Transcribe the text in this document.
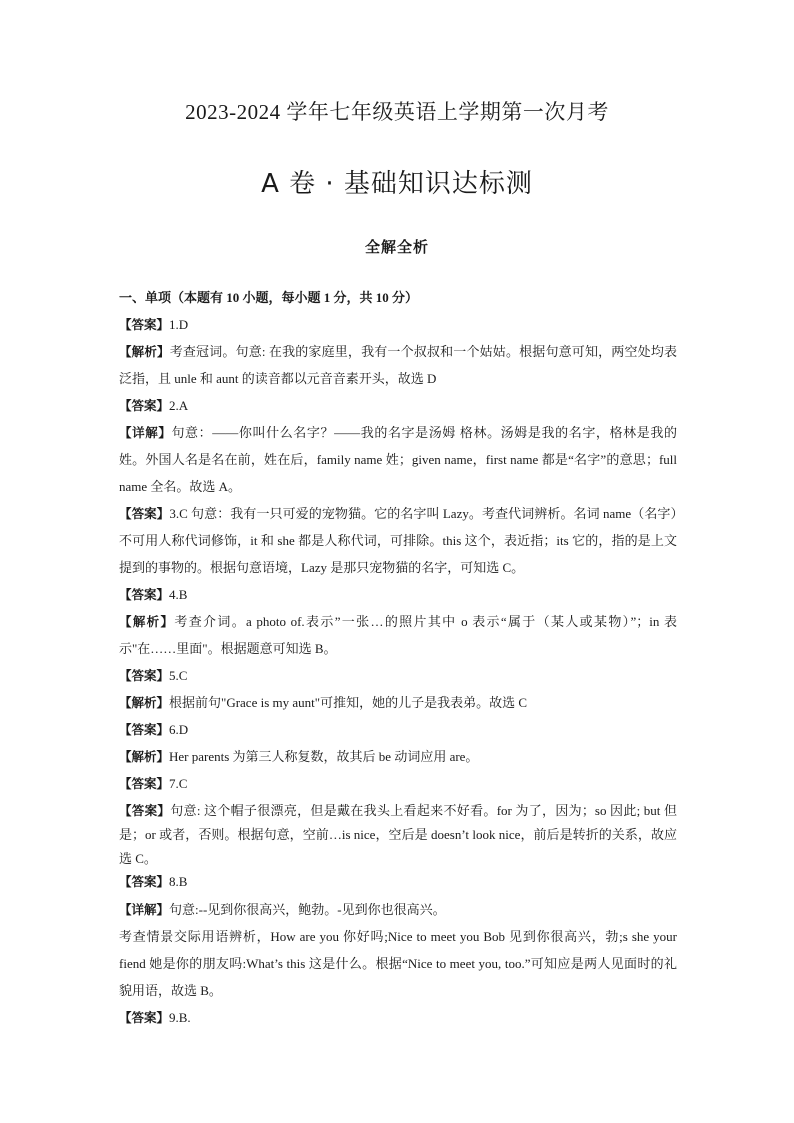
2023-2024 学年七年级英语上学期第一次月考
A 卷 · 基础知识达标测
全解全析
一、单项（本题有 10 小题，每小题 1 分，共 10 分）
【答案】1.D
【解析】考查冠词。句意: 在我的家庭里，我有一个叔叔和一个姑姑。根据句意可知，两空处均表泛指，且 unle 和 aunt 的读音都以元音音素开头，故选 D
【答案】2.A
【详解】句意：——你叫什么名字？——我的名字是汤姆 格林。汤姆是我的名字，格林是我的姓。外国人名是名在前，姓在后，family name 姓；given name，first name 都是“名字”的意思；full name 全名。故选 A。
【答案】3.C 句意：我有一只可爱的宠物猫。它的名字叫 Lazy。考查代词辨析。名词 name（名字）不可用人称代词修饰，it 和 she 都是人称代词，可排除。this 这个，表近指；its 它的，指的是上文提到的事物的。根据句意语境，Lazy 是那只宠物猫的名字，可知选 C。
【答案】4.B
【解析】考查介词。a photo of.表示”一张…的照片其中 o 表示“属于（某人或某物）”；in 表示"在……里面"。根据题意可知选 B。
【答案】5.C
【解析】根据前句"Grace is my aunt"可推知，她的儿子是我表弟。故选 C
【答案】6.D
【解析】Her parents 为第三人称复数，故其后 be 动词应用 are。
【答案】7.C
【答案】句意: 这个帽子很漂亮，但是戴在我头上看起来不好看。for 为了，因为；so 因此; but 但是；or 或者，否则。根据句意，空前…is nice，空后是 doesn’t look nice，前后是转折的关系，故应选 C。
【答案】8.B
【详解】句意:--见到你很高兴，鲍勃。-见到你也很高兴。
考查情景交际用语辨析，How are you 你好吗;Nice to meet you Bob 见到你很高兴，勃;s she your fiend 她是你的朋友吗:What’s this 这是什么。根据“Nice to meet you, too.”可知应是两人见面时的礼貌用语，故选 B。
【答案】9.B.
